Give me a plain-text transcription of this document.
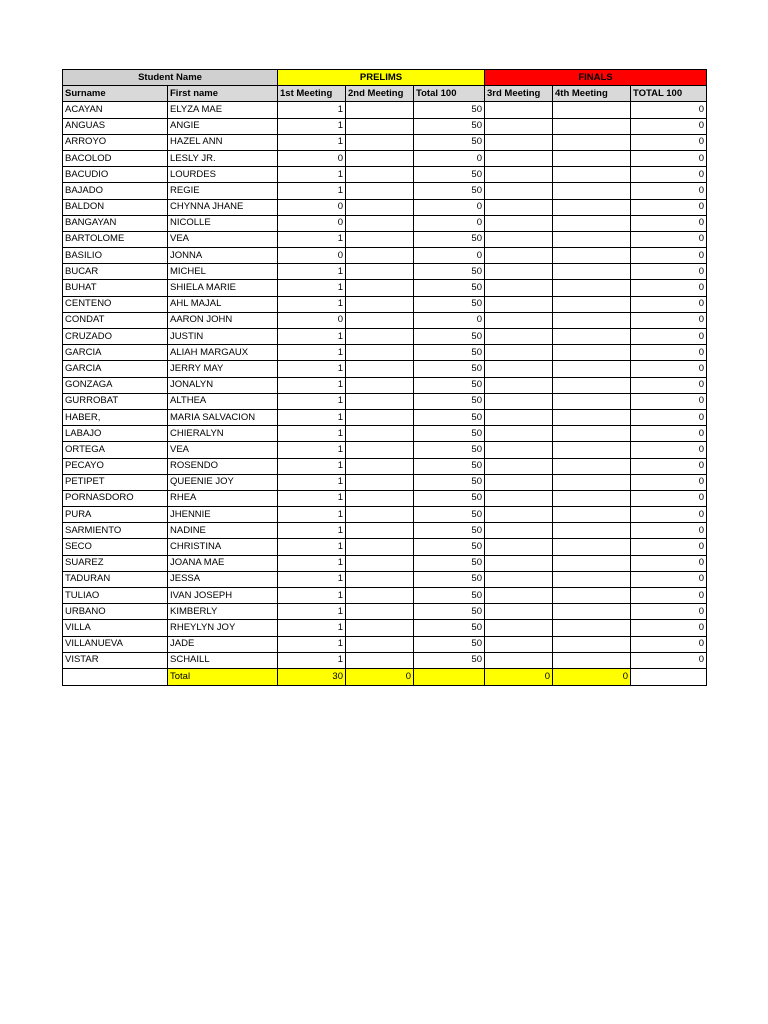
Student Name		PRELIMS			FINALS		
Surname	First name	1st Meeting	2nd Meeting	Total 100	3rd Meeting	4th Meeting	TOTAL 100
ACAYAN	ELYZA MAE	1		50			0
ANGUAS	ANGIE	1		50			0
ARROYO	HAZEL ANN	1		50			0
BACOLOD	LESLY JR.	0		0			0
BACUDIO	LOURDES	1		50			0
BAJADO	REGIE	1		50			0
BALDON	CHYNNA JHANE	0		0			0
BANGAYAN	NICOLLE	0		0			0
BARTOLOME	VEA	1		50			0
BASILIO	JONNA	0		0			0
BUCAR	MICHEL	1		50			0
BUHAT	SHIELA MARIE	1		50			0
CENTENO	AHL MAJAL	1		50			0
CONDAT	AARON JOHN	0		0			0
CRUZADO	JUSTIN	1		50			0
GARCIA	ALIAH MARGAUX	1		50			0
GARCIA	JERRY MAY	1		50			0
GONZAGA	JONALYN	1		50			0
GURROBAT	ALTHEA	1		50			0
HABER,	MARIA SALVACION	1		50			0
LABAJO	CHIERALYN	1		50			0
ORTEGA	VEA	1		50			0
PECAYO	ROSENDO	1		50			0
PETIPET	QUEENIE JOY	1		50			0
PORNASDORO	RHEA	1		50			0
PURA	JHENNIE	1		50			0
SARMIENTO	NADINE	1		50			0
SECO	CHRISTINA	1		50			0
SUAREZ	JOANA MAE	1		50			0
TADURAN	JESSA	1		50			0
TULIAO	IVAN JOSEPH	1		50			0
URBANO	KIMBERLY	1		50			0
VILLA	RHEYLYN JOY	1		50			0
VILLANUEVA	JADE	1		50			0
VISTAR	SCHAILL	1		50			0
	Total	30	0		0	0	
